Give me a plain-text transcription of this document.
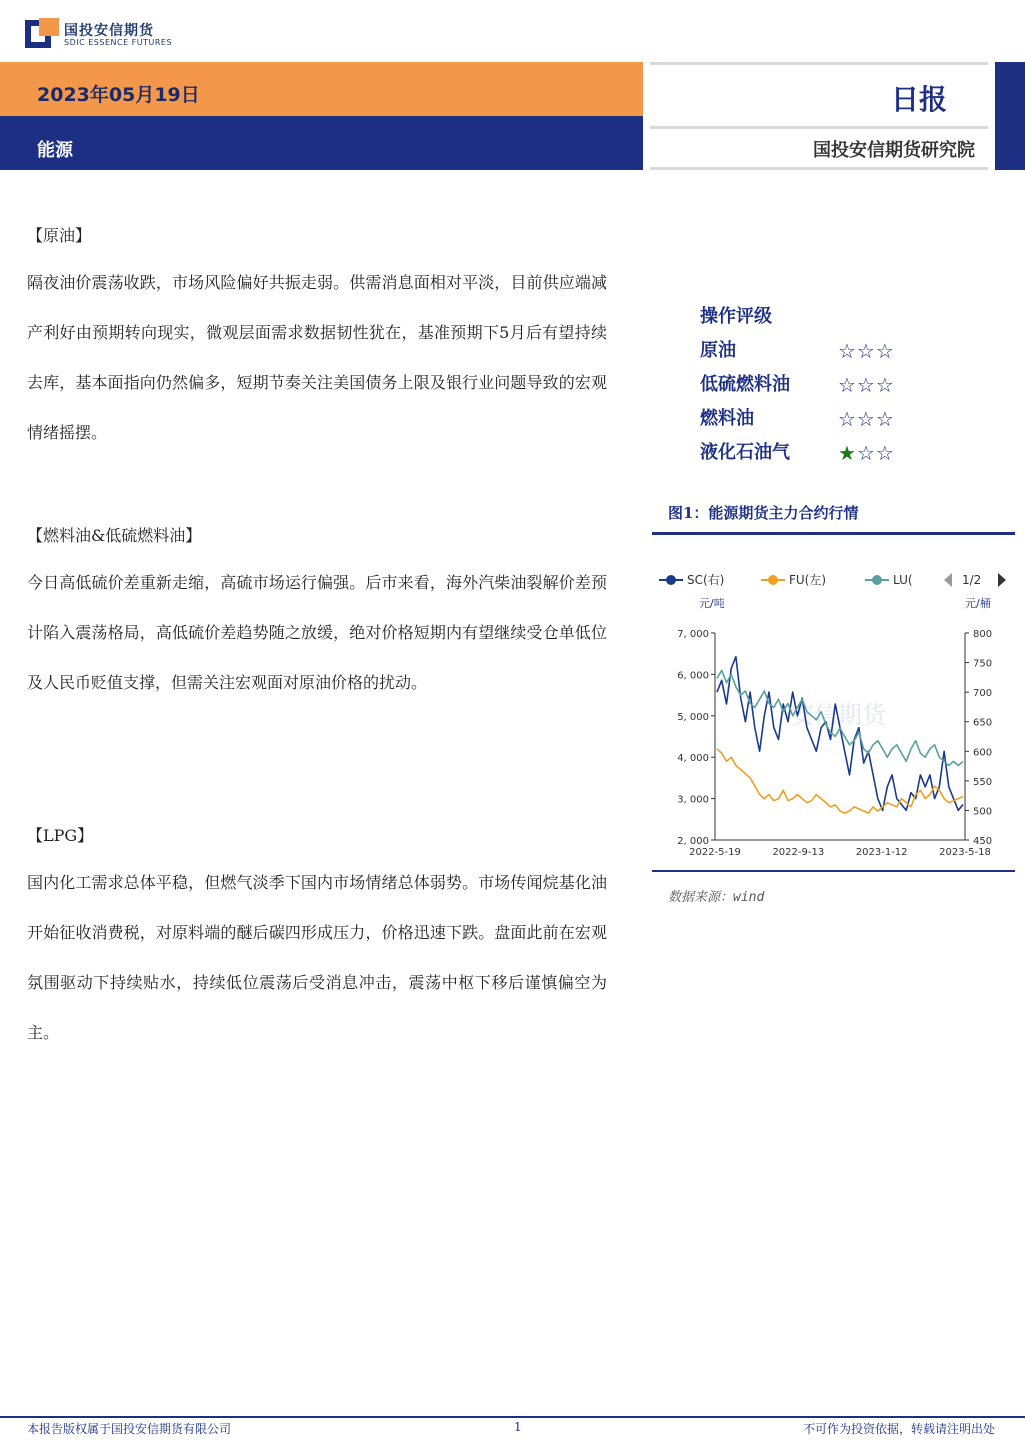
国投安信期货
SDIC ESSENCE FUTURES
2023年05月19日
能源
日报
国投安信期货研究院
【原油】
隔夜油价震荡收跌，市场风险偏好共振走弱。供需消息面相对平淡，目前供应端减产利好由预期转向现实，微观层面需求数据韧性犹在，基准预期下5月后有望持续去库，基本面指向仍然偏多，短期节奏关注美国债务上限及银行业问题导致的宏观情绪摇摆。
【燃料油&低硫燃料油】
今日高低硫价差重新走缩，高硫市场运行偏强。后市来看，海外汽柴油裂解价差预计陷入震荡格局，高低硫价差趋势随之放缓，绝对价格短期内有望继续受仓单低位及人民币贬值支撑，但需关注宏观面对原油价格的扰动。
【LPG】
国内化工需求总体平稳，但燃气淡季下国内市场情绪总体弱势。市场传闻烷基化油开始征收消费税，对原料端的醚后碳四形成压力，价格迅速下跌。盘面此前在宏观氛围驱动下持续贴水，持续低位震荡后受消息冲击，震荡中枢下移后谨慎偏空为主。
操作评级
原油	☆☆☆
低硫燃料油	☆☆☆
燃料油	☆☆☆
液化石油气	★☆☆
图1：能源期货主力合约行情
安信期货
2, 000
3, 000
4, 000
5, 000
6, 000
7, 000
450
500
550
600
650
700
750
800
2022-5-19	2022-9-13	2023-1-12	2023-5-18
元/吨	元/桶
SC(右)	FU(左)	LU(	1/2
数据来源：wind
本报告版权属于国投安信期货有限公司	1	不可作为投资依据，转载请注明出处
